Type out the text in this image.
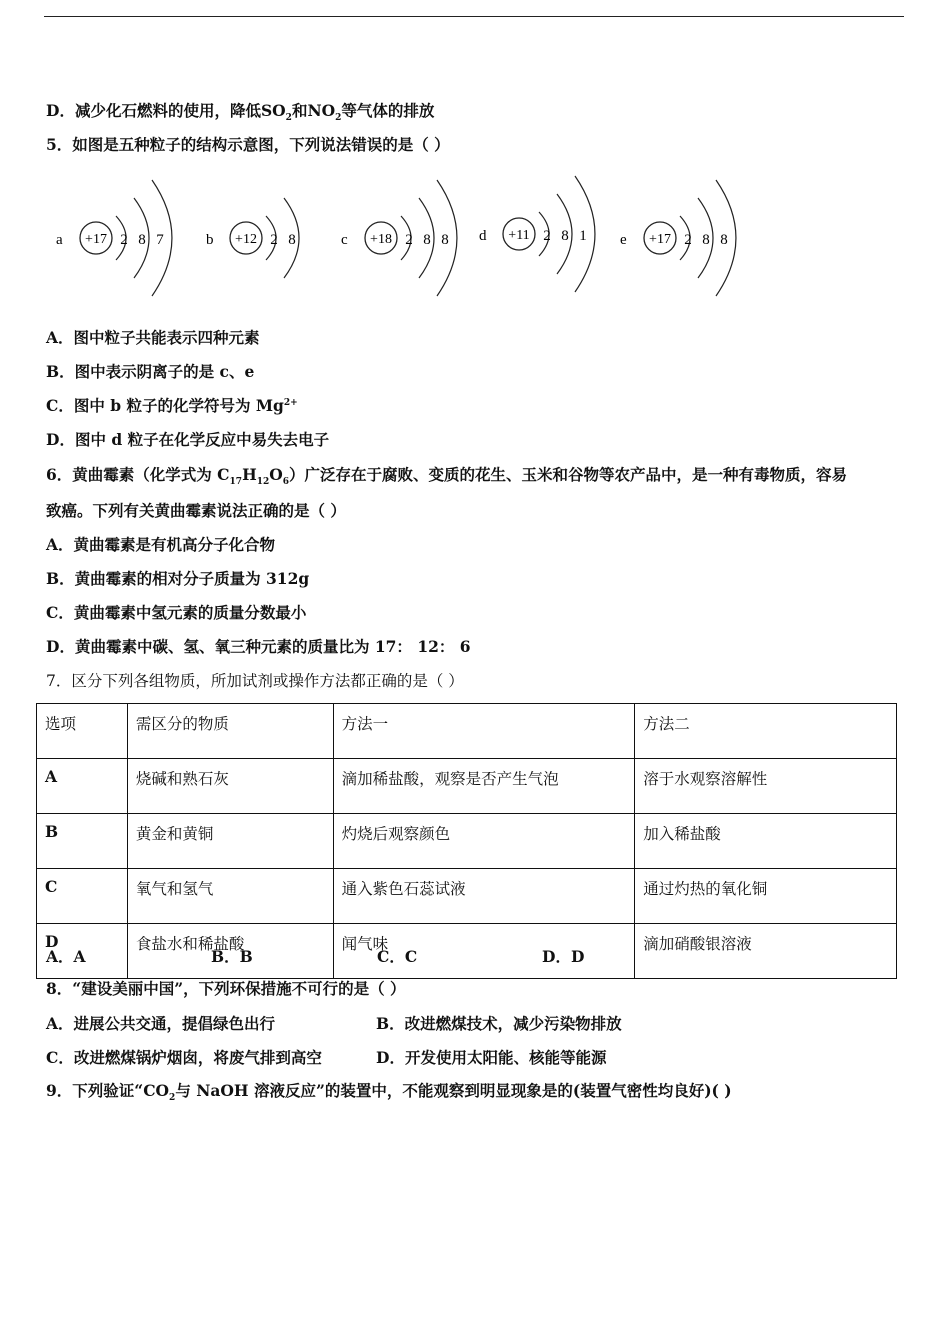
D．减少化石燃料的使用，降低$SO_2$和$NO_2$等气体的排放
5．如图是五种粒子的结构示意图，下列说法错误的是（ ）
a +17 2 8 7	b +12 2 8	c +18 2 8 8 d +11 2 8 1 e +17 2 8 8
A．图中粒子共能表示四种元素
B．图中表示阴离子的是 c、e
C．图中 b 粒子的化学符号为 $Mg^{2+}$
D．图中 d 粒子在化学反应中易失去电子
6．黄曲霉素（化学式为 $C_{17}H_{12}O_6$）广泛存在于腐败、变质的花生、玉米和谷物等农产品中，是一种有毒物质，容易
致癌。下列有关黄曲霉素说法正确的是（ ）
A．黄曲霉素是有机高分子化合物
B．黄曲霉素的相对分子质量为 312g
C．黄曲霉素中氢元素的质量分数最小
D．黄曲霉素中碳、氢、氧三种元素的质量比为 17： 12： 6
7．区分下列各组物质，所加试剂或操作方法都正确的是（ ）
选项	需区分的物质	方法一	方法二
A	烧碱和熟石灰	滴加稀盐酸，观察是否产生气泡	溶于水观察溶解性
B	黄金和黄铜	灼烧后观察颜色	加入稀盐酸
C	氧气和氢气	通入紫色石蕊试液	通过灼热的氧化铜
D	食盐水和稀盐酸	闻气味	滴加硝酸银溶液
A．A	B．B	C．C	D．D
8．“建设美丽中国”，下列环保措施不可行的是（ ）
A．进展公共交通，提倡绿色出行	B．改进燃煤技术，减少污染物排放
C．改进燃煤锅炉烟囱，将废气排到高空	D．开发使用太阳能、核能等能源
9．下列验证“$CO_2$与 NaOH 溶液反应”的装置中，不能观察到明显现象是的(装置气密性均良好)( )
